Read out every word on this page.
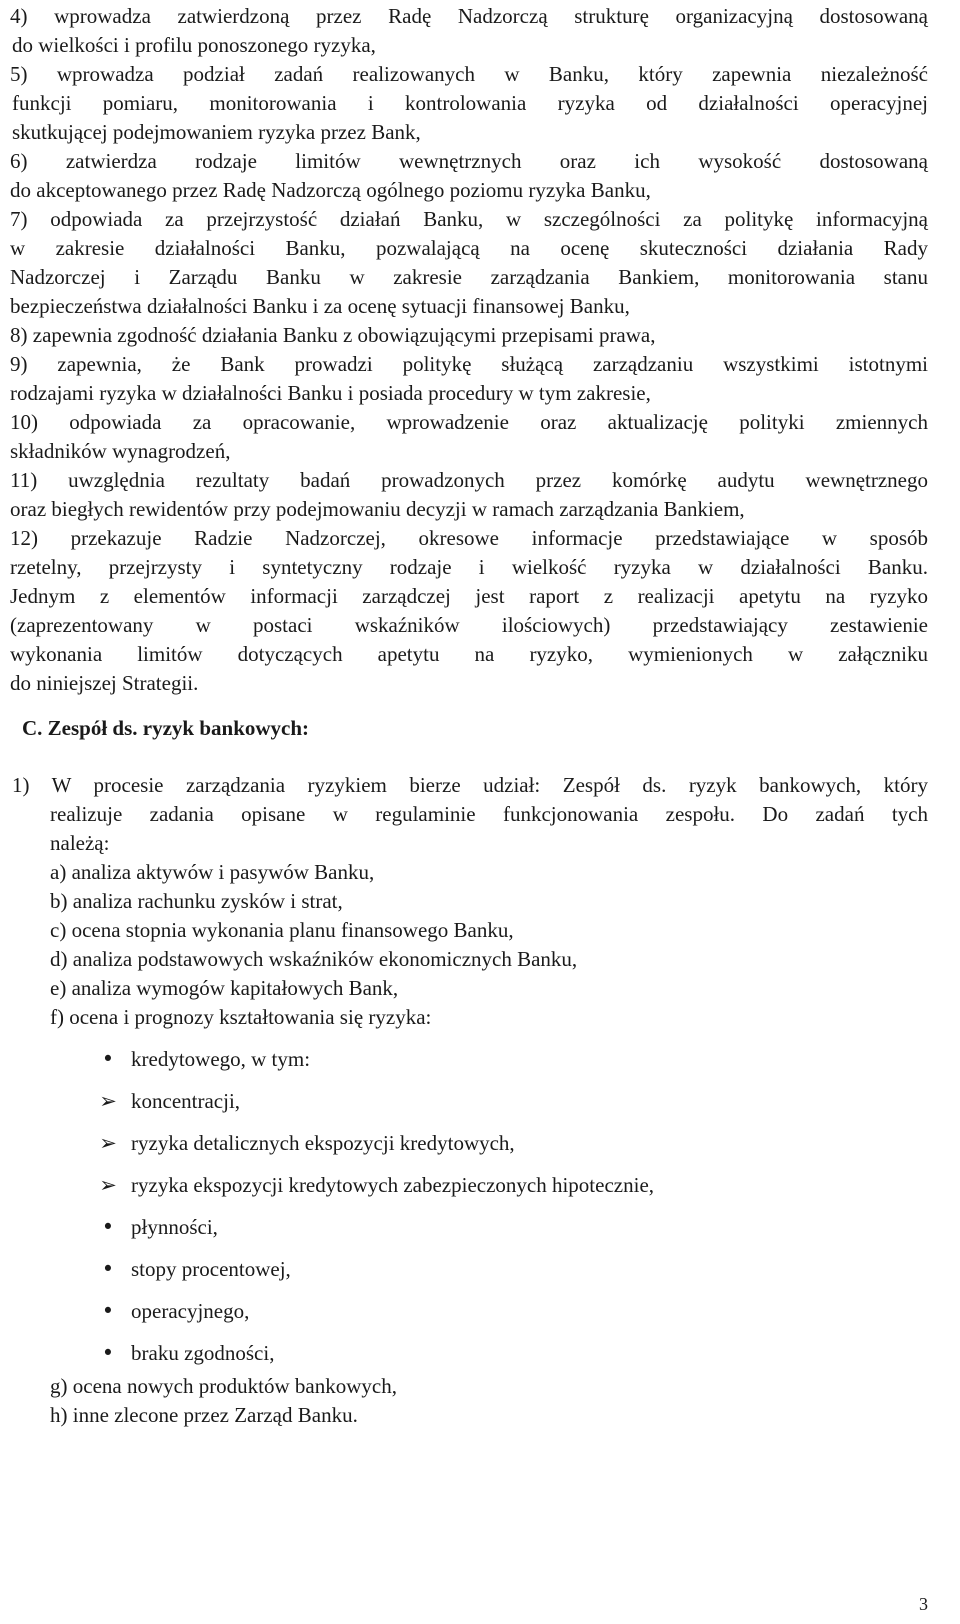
4) wprowadza zatwierdzoną przez Radę Nadzorczą strukturę organizacyjną dostosowaną
do wielkości i profilu ponoszonego ryzyka,
5) wprowadza podział zadań realizowanych w Banku, który zapewnia niezależność
funkcji pomiaru, monitorowania i kontrolowania ryzyka od działalności operacyjnej
skutkującej podejmowaniem ryzyka przez Bank,
6) zatwierdza rodzaje limitów wewnętrznych oraz ich wysokość dostosowaną
do akceptowanego przez Radę Nadzorczą ogólnego poziomu ryzyka Banku,
7) odpowiada za przejrzystość działań Banku, w szczególności za politykę informacyjną
w zakresie działalności Banku, pozwalającą na ocenę skuteczności działania Rady
Nadzorczej i Zarządu Banku w zakresie zarządzania Bankiem, monitorowania stanu
bezpieczeństwa działalności Banku i za ocenę sytuacji finansowej Banku,
8) zapewnia zgodność działania Banku z obowiązującymi przepisami prawa,
9) zapewnia, że Bank prowadzi politykę służącą zarządzaniu wszystkimi istotnymi
rodzajami ryzyka w działalności Banku i posiada procedury w tym zakresie,
10) odpowiada za opracowanie, wprowadzenie oraz aktualizację polityki zmiennych
składników wynagrodzeń,
11) uwzględnia rezultaty badań prowadzonych przez komórkę audytu wewnętrznego
oraz biegłych rewidentów przy podejmowaniu decyzji w ramach zarządzania Bankiem,
12) przekazuje Radzie Nadzorczej, okresowe informacje przedstawiające w sposób
rzetelny, przejrzysty i syntetyczny rodzaje i wielkość ryzyka w działalności Banku.
Jednym z elementów informacji zarządczej jest raport z realizacji apetytu na ryzyko
(zaprezentowany w postaci wskaźników ilościowych) przedstawiający zestawienie
wykonania limitów dotyczących apetytu na ryzyko, wymienionych w załączniku
do niniejszej Strategii.
C. Zespół ds. ryzyk bankowych:
1) W procesie zarządzania ryzykiem bierze udział: Zespół ds. ryzyk bankowych, który
realizuje zadania opisane w regulaminie funkcjonowania zespołu. Do zadań tych
należą:
a) analiza aktywów i pasywów Banku,
b) analiza rachunku zysków i strat,
c) ocena stopnia wykonania planu finansowego Banku,
d) analiza podstawowych wskaźników ekonomicznych Banku,
e) analiza wymogów kapitałowych Bank,
f) ocena i prognozy kształtowania się ryzyka:
• kredytowego, w tym:
➢ koncentracji,
➢ ryzyka detalicznych ekspozycji kredytowych,
➢ ryzyka ekspozycji kredytowych zabezpieczonych hipotecznie,
• płynności,
• stopy procentowej,
• operacyjnego,
• braku zgodności,
g) ocena nowych produktów bankowych,
h) inne zlecone przez Zarząd Banku.
3
